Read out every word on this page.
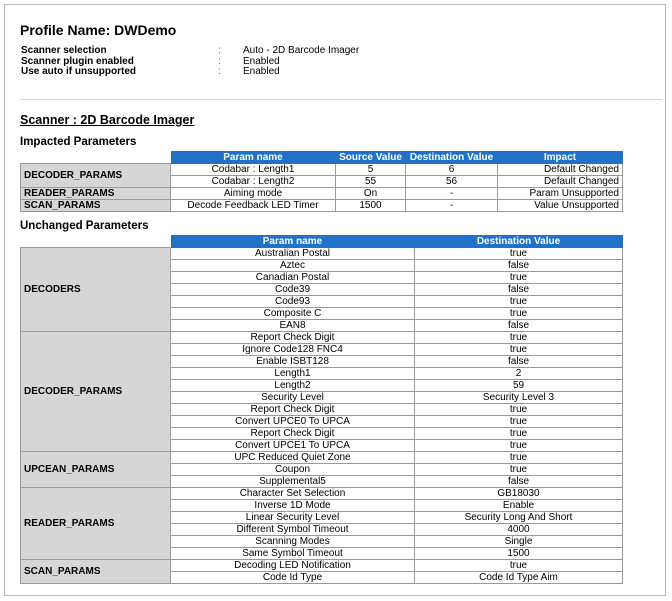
Profile Name: DWDemo
Scanner selection	:	Auto - 2D Barcode Imager
Scanner plugin enabled	:	Enabled
Use auto if unsupported	:	Enabled
Scanner : 2D Barcode Imager
Impacted Parameters
	Param name	Source Value	Destination Value	Impact
DECODER_PARAMS	Codabar : Length1	5	6	Default Changed
	Codabar : Length2	55	56	Default Changed
READER_PARAMS	Aiming mode	On	-	Param Unsupported
SCAN_PARAMS	Decode Feedback LED Timer	1500	-	Value Unsupported
Unchanged Parameters
	Param name	Destination Value
DECODERS	Australian Postal	true
	Aztec	false
	Canadian Postal	true
	Code39	false
	Code93	true
	Composite C	true
	EAN8	false
DECODER_PARAMS	Report Check Digit	true
	Ignore Code128 FNC4	true
	Enable ISBT128	false
	Length1	2
	Length2	59
	Security Level	Security Level 3
	Report Check Digit	true
	Convert UPCE0 To UPCA	true
	Report Check Digit	true
	Convert UPCE1 To UPCA	true
UPCEAN_PARAMS	UPC Reduced Quiet Zone	true
	Coupon	true
	Supplemental5	false
READER_PARAMS	Character Set Selection	GB18030
	Inverse 1D Mode	Enable
	Linear Security Level	Security Long And Short
	Different Symbol Timeout	4000
	Scanning Modes	Single
	Same Symbol Timeout	1500
SCAN_PARAMS	Decoding LED Notification	true
	Code Id Type	Code Id Type Aim
